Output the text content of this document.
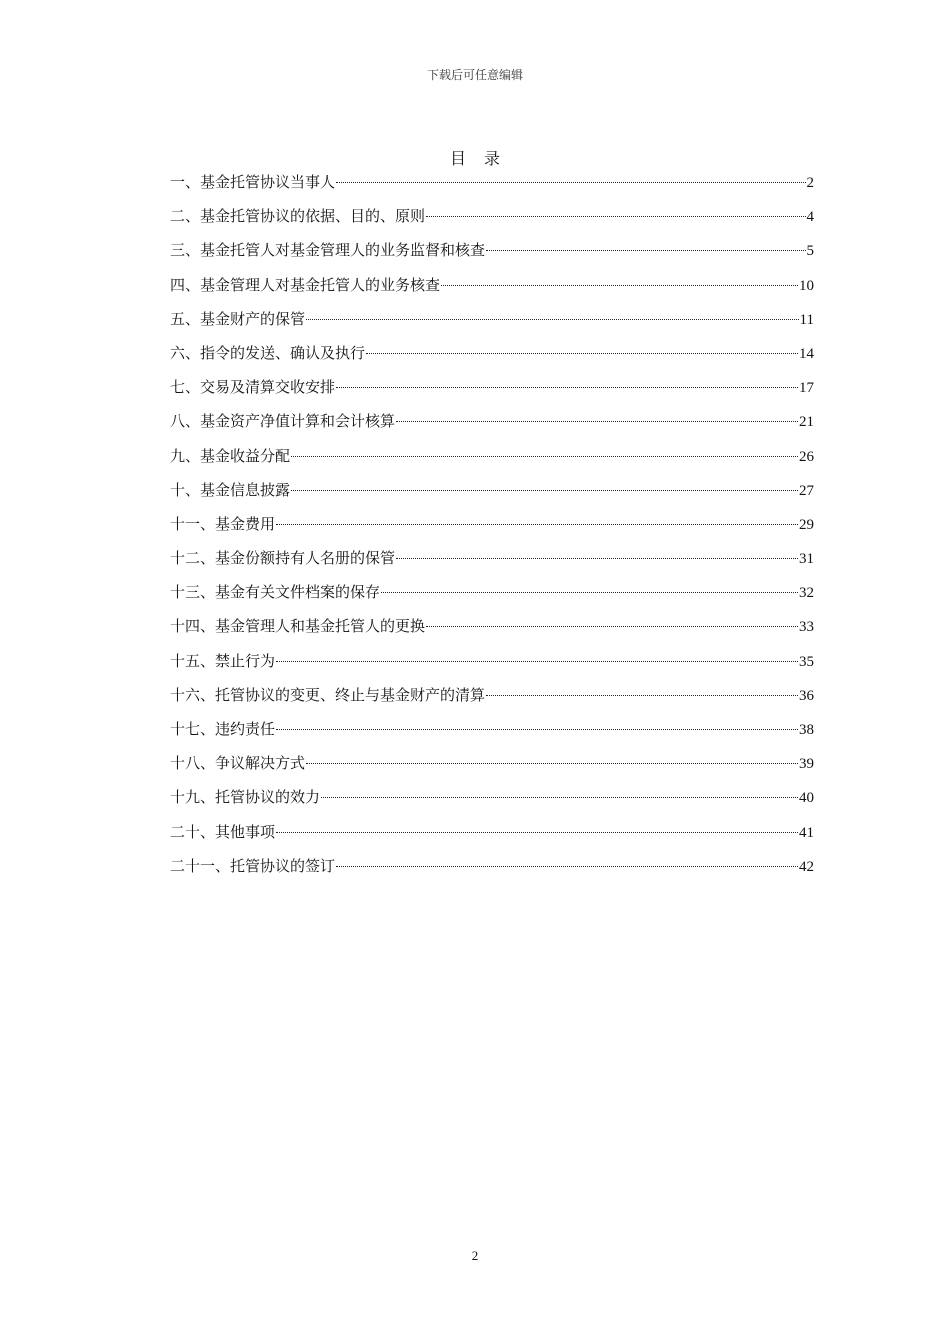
下载后可任意编辑
目录
一、基金托管协议当事人	2
二、基金托管协议的依据、目的、原则	4
三、基金托管人对基金管理人的业务监督和核查	5
四、基金管理人对基金托管人的业务核查	10
五、基金财产的保管	11
六、指令的发送、确认及执行	14
七、交易及清算交收安排	17
八、基金资产净值计算和会计核算	21
九、基金收益分配	26
十、基金信息披露	27
十一、基金费用	29
十二、基金份额持有人名册的保管	31
十三、基金有关文件档案的保存	32
十四、基金管理人和基金托管人的更换	33
十五、禁止行为	35
十六、托管协议的变更、终止与基金财产的清算	36
十七、违约责任	38
十八、争议解决方式	39
十九、托管协议的效力	40
二十、其他事项	41
二十一、托管协议的签订	42
2
